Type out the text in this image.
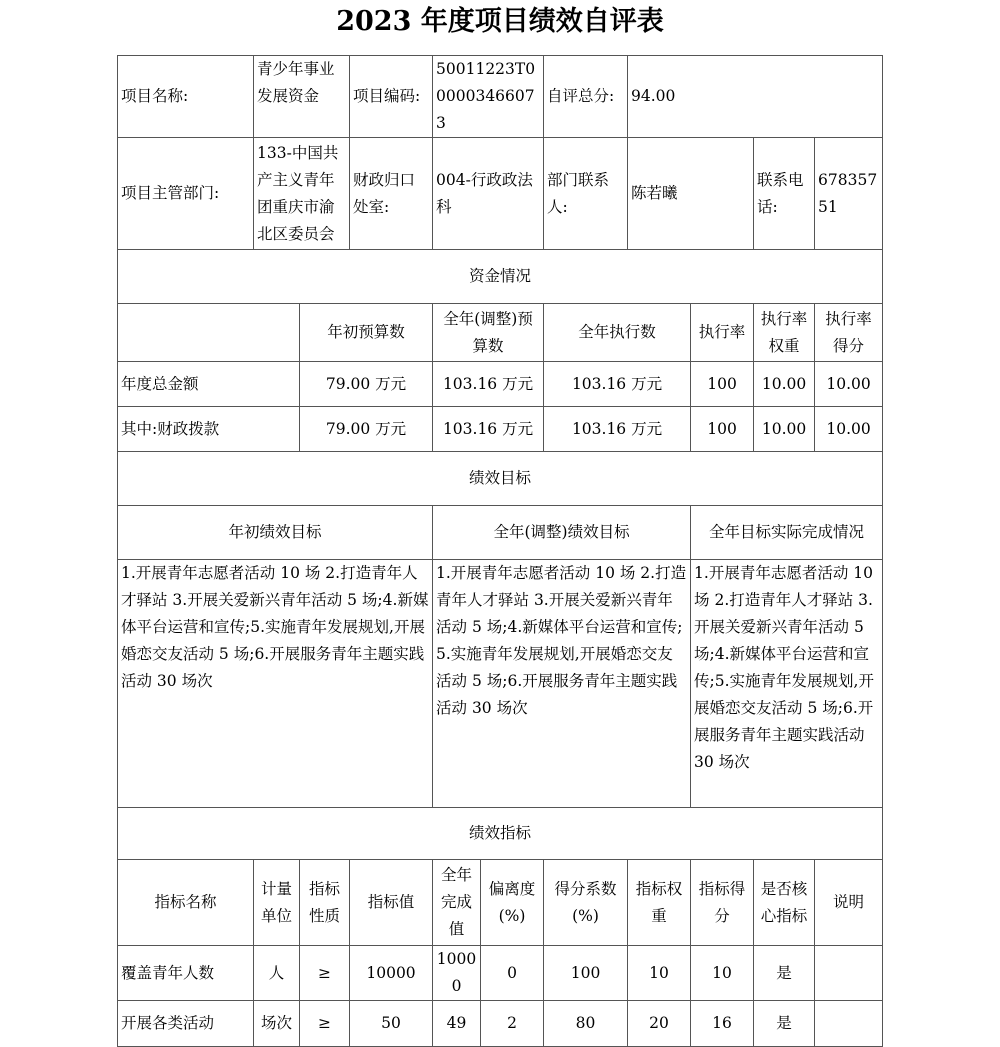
2023 年度项目绩效自评表
项目名称:	青少年事业发展资金		项目编码:	50011223T000003466073		自评总分:	94.00			
项目主管部门:	133-中国共产主义青年团重庆市渝北区委员会		财政归口处室:	004-行政政法科		部门联系人:	陈若曦		联系电话:	67835751
资金情况										
		年初预算数		全年(调整)预算数		全年执行数		执行率	执行率权重	执行率得分
年度总金额		79.00 万元		103.16 万元		103.16 万元		100	10.00	10.00
其中:财政拨款		79.00 万元		103.16 万元		103.16 万元		100	10.00	10.00
绩效目标										
年初绩效目标				全年(调整)绩效目标				全年目标实际完成情况		
1.开展青年志愿者活动 10 场 2.打造青年人才驿站 3.开展关爱新兴青年活动 5 场;4.新媒体平台运营和宣传;5.实施青年发展规划,开展婚恋交友活动 5 场;6.开展服务青年主题实践活动 30 场次				1.开展青年志愿者活动 10 场 2.打造青年人才驿站 3.开展关爱新兴青年活动 5 场;4.新媒体平台运营和宣传;5.实施青年发展规划,开展婚恋交友活动 5 场;6.开展服务青年主题实践活动 30 场次				1.开展青年志愿者活动 10 场 2.打造青年人才驿站 3.开展关爱新兴青年活动 5 场;4.新媒体平台运营和宣传;5.实施青年发展规划,开展婚恋交友活动 5 场;6.开展服务青年主题实践活动 30 场次		
绩效指标										
指标名称	计量单位	指标性质	指标值	全年完成值	偏离度(%)	得分系数(%)	指标权重	指标得分	是否核心指标	说明
覆盖青年人数	人	≥	10000	10000	0	100	10	10	是	
开展各类活动	场次	≥	50	49	2	80	20	16	是	
